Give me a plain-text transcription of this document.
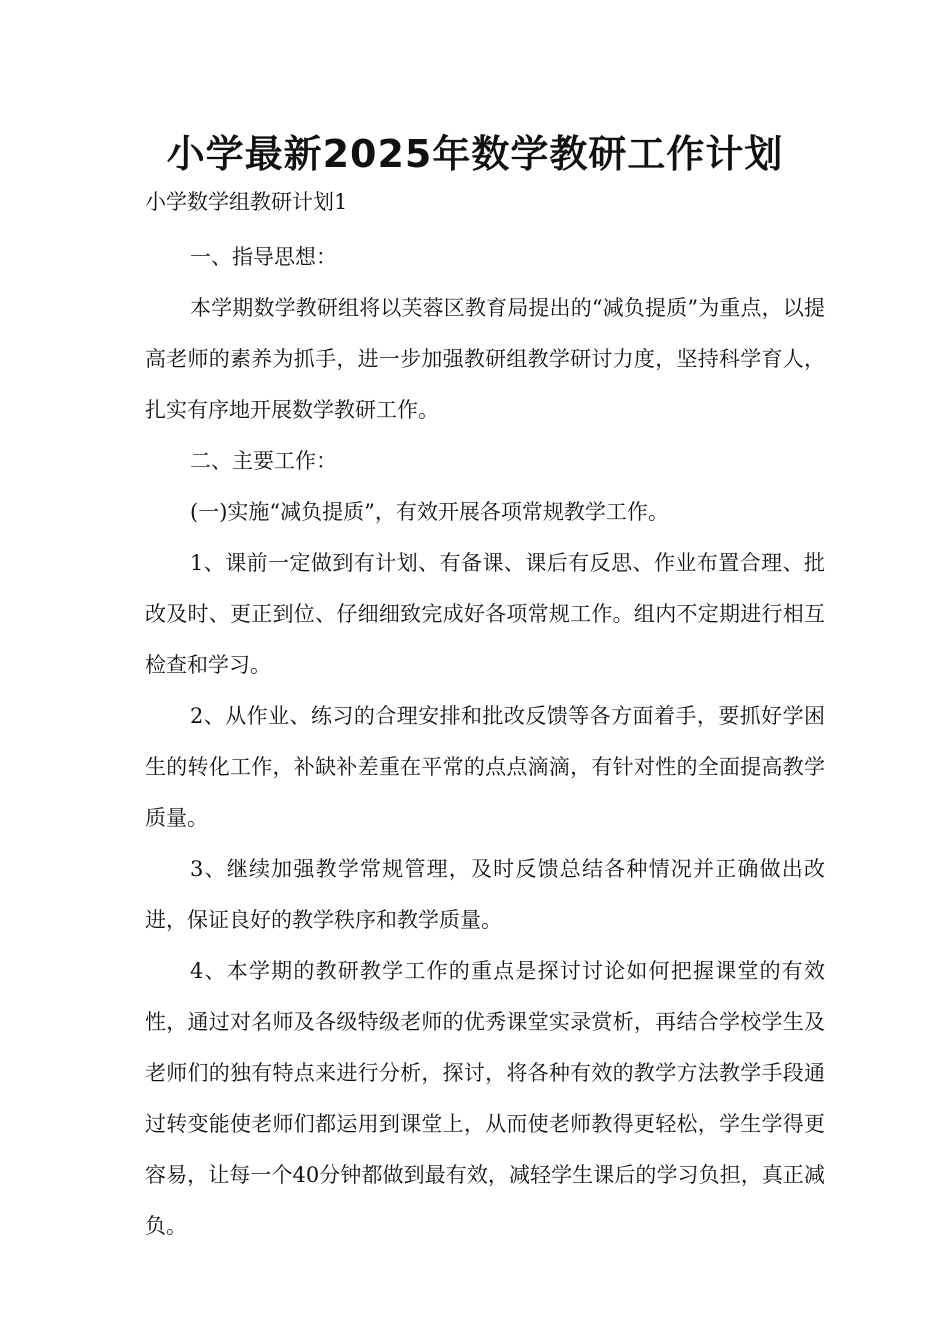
小学最新2025年数学教研工作计划
小学数学组教研计划1

一、指导思想：

本学期数学教研组将以芙蓉区教育局提出的“减负提质”为重点，以提高老师的素养为抓手，进一步加强教研组教学研讨力度，坚持科学育人，扎实有序地开展数学教研工作。

二、主要工作：

(一)实施“减负提质”，有效开展各项常规教学工作。

1、课前一定做到有计划、有备课、课后有反思、作业布置合理、批改及时、更正到位、仔细细致完成好各项常规工作。组内不定期进行相互检查和学习。

2、从作业、练习的合理安排和批改反馈等各方面着手，要抓好学困生的转化工作，补缺补差重在平常的点点滴滴，有针对性的全面提高教学质量。

3、继续加强教学常规管理，及时反馈总结各种情况并正确做出改进，保证良好的教学秩序和教学质量。

4、本学期的教研教学工作的重点是探讨讨论如何把握课堂的有效性，通过对名师及各级特级老师的优秀课堂实录赏析，再结合学校学生及老师们的独有特点来进行分析，探讨，将各种有效的教学方法教学手段通过转变能使老师们都运用到课堂上，从而使老师教得更轻松，学生学得更容易，让每一个40分钟都做到最有效，减轻学生课后的学习负担，真正减负。
